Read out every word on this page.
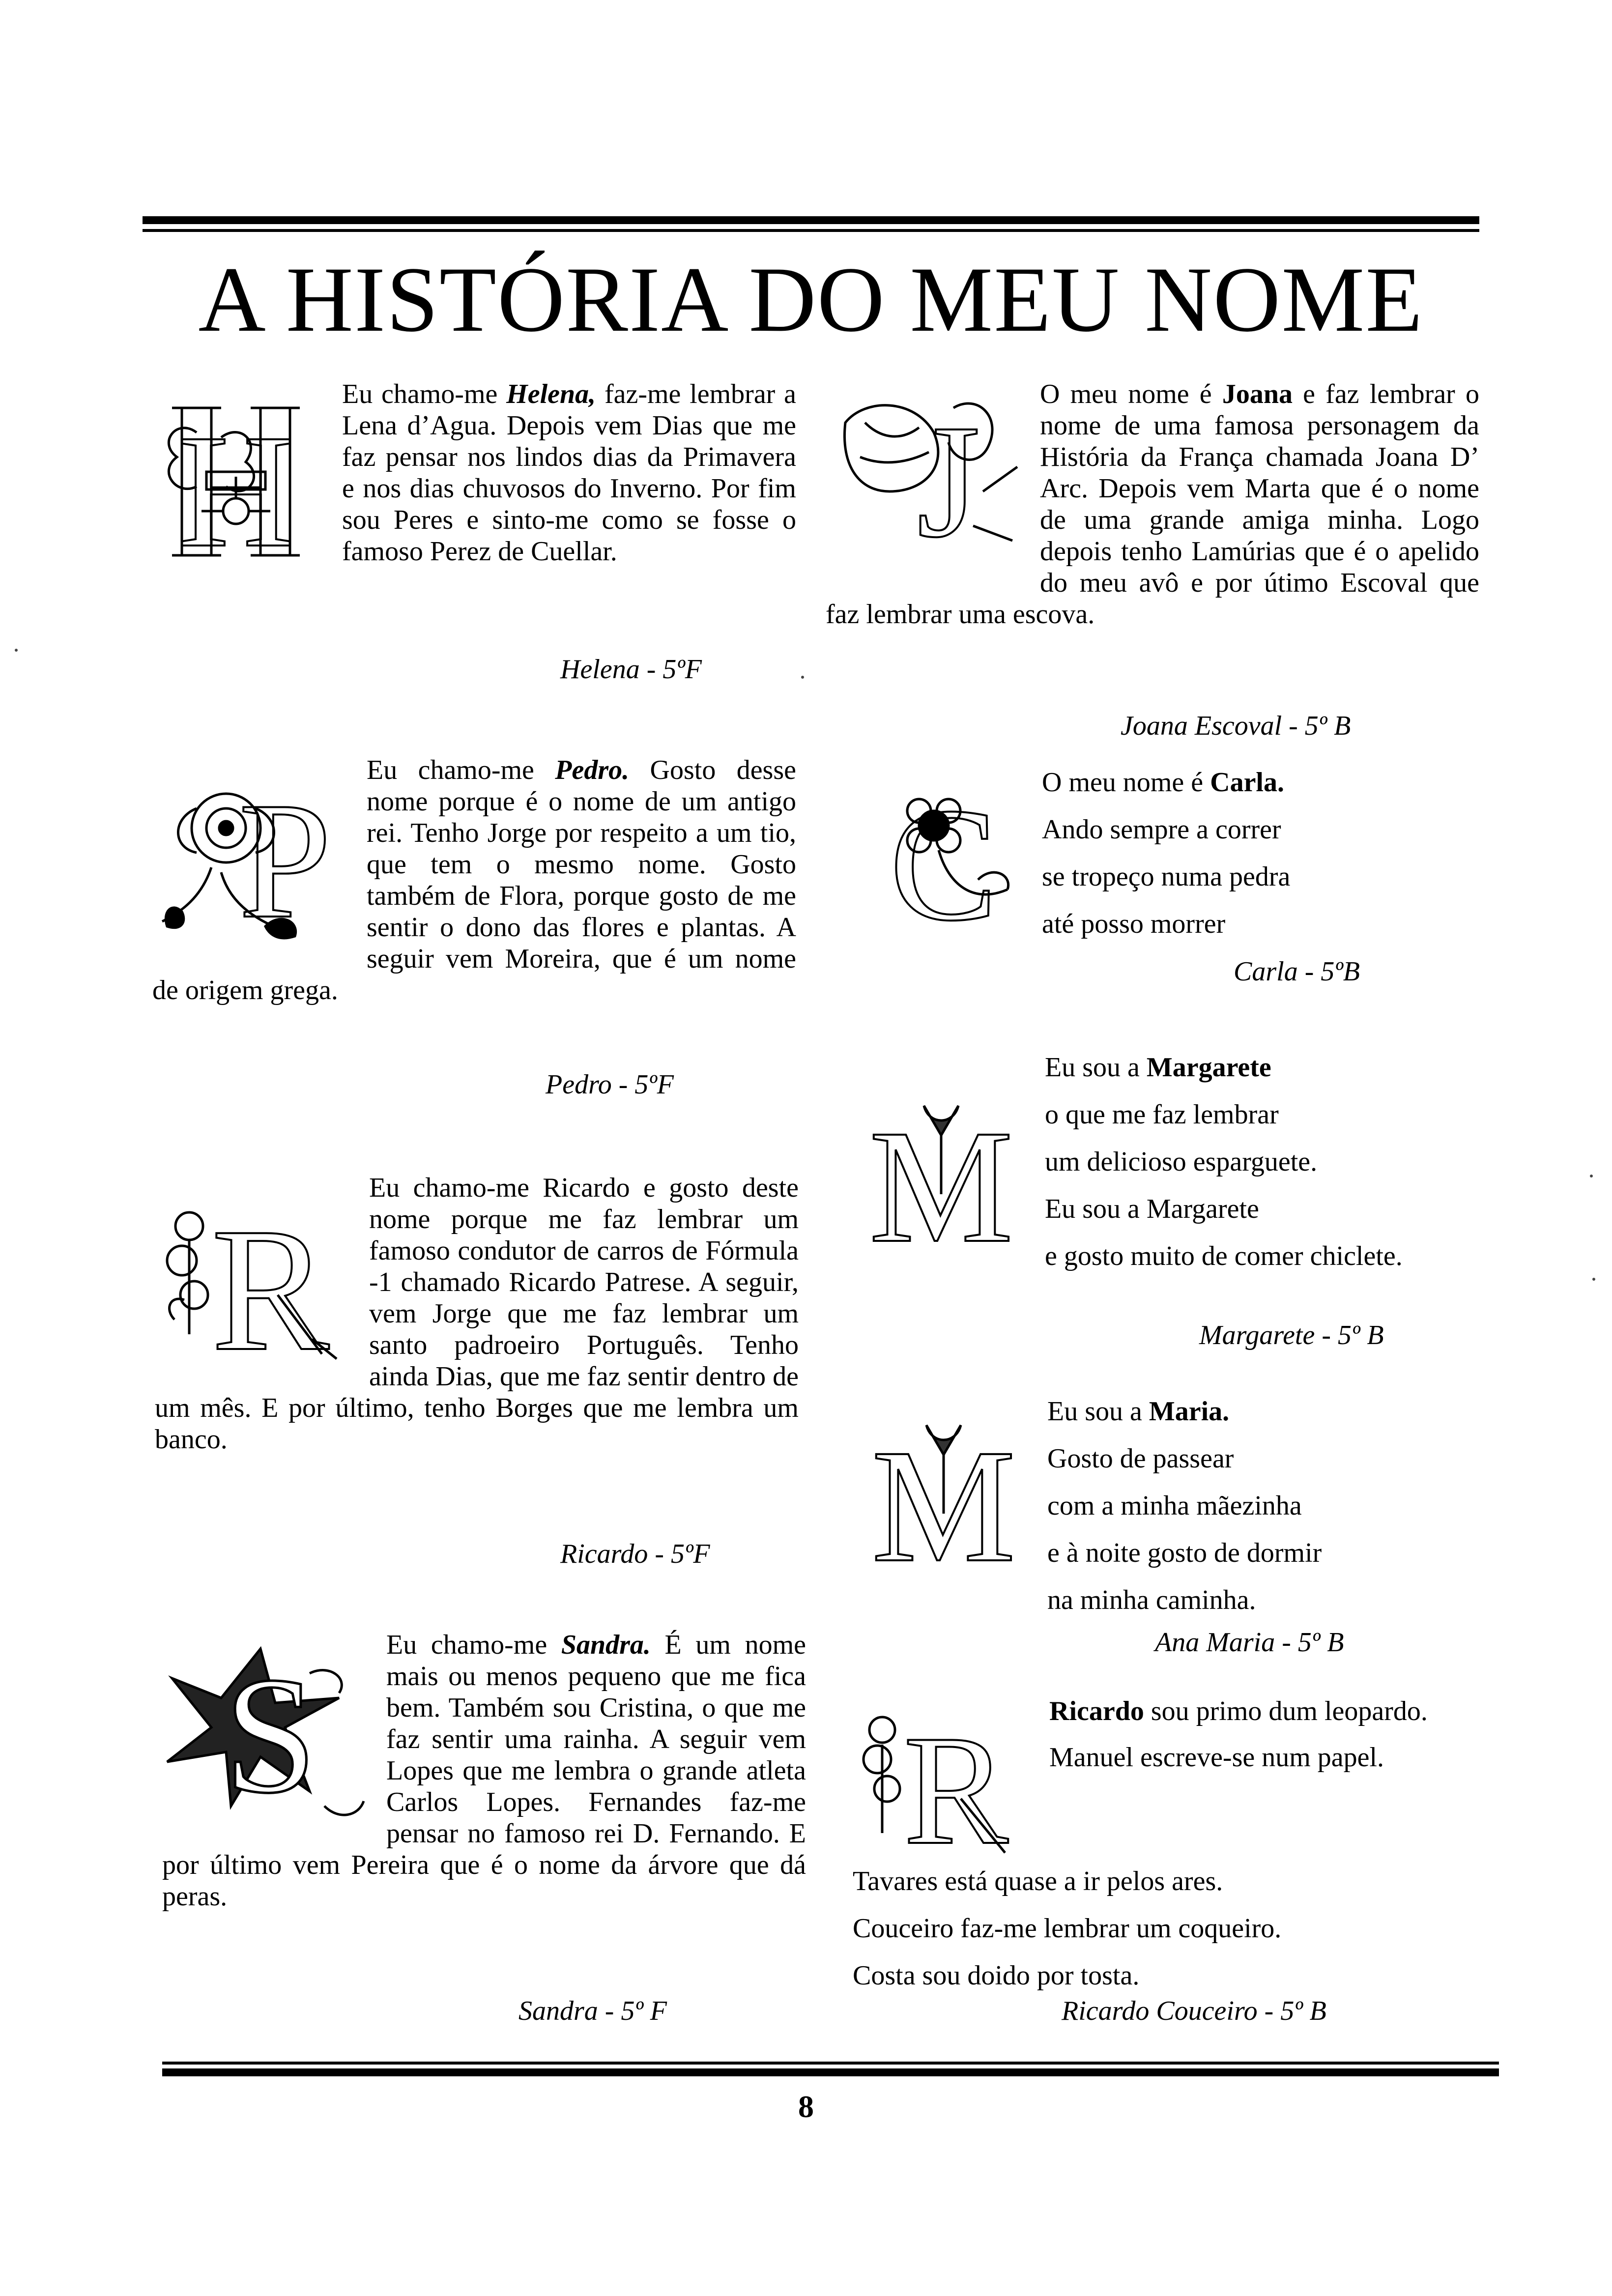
A HISTÓRIA DO MEU NOME
H
Eu chamo-me Helena, faz-me lembrar a Lena d’Agua. Depois vem Dias que me faz pensar nos lindos dias da Primavera e nos dias chuvosos do Inverno. Por fim sou Peres e sinto-me como se fosse o famoso Perez de Cuellar.
Helena - 5ºF
P	Eu chamo-me Pedro. Gosto desse nome porque é o nome de um antigo rei. Tenho Jorge por respeito a um tio, que tem o mesmo nome. Gosto também de Flora, porque gosto de me sentir o dono das flores e plantas. A seguir vem Moreira, que é um nome de origem grega.
Pedro - 5ºF
R
Eu chamo-me Ricardo e gosto deste nome porque me faz lembrar um famoso condutor de carros de Fórmula -1 chamado Ricardo Patrese. A seguir, vem Jorge que me faz lembrar um santo padroeiro Português. Tenho ainda Dias, que me faz sentir dentro de um mês. E por último, tenho Borges que me lembra um banco.
Ricardo - 5ºF
S	Eu chamo-me Sandra. É um nome mais ou menos pequeno que me fica bem. Também sou Cristina, o que me faz sentir uma rainha. A seguir vem Lopes que me lembra o grande atleta Carlos Lopes. Fernandes faz-me pensar no famoso rei D. Fernando. E por último vem Pereira que é o nome da árvore que dá peras.
Sandra - 5º F
J	O meu nome é Joana e faz lembrar o nome de uma famosa personagem da História da França chamada Joana D’ Arc. Depois vem Marta que é o nome de uma grande amiga minha. Logo depois tenho Lamúrias que é o apelido do meu avô e por útimo Escoval que faz lembrar uma escova.
Joana Escoval - 5º B
C O meu nome é Carla.

Ando sempre a correr

se tropeço numa pedra

até posso morrer

Carla - 5ºB
M

Eu sou a Margarete

o que me faz lembrar

um delicioso esparguete.

Eu sou a Margarete

e gosto muito de comer chiclete.

Margarete - 5º B
M

Eu sou a Maria.

Gosto de passear

com a minha mãezinha

e à noite gosto de dormir

na minha caminha.

Ana Maria - 5º B
R	Ricardo sou primo dum leopardo.

Manuel escreve-se num papel.

Tavares está quase a ir pelos ares.

Couceiro faz-me lembrar um coqueiro.

Costa sou doido por tosta.

Ricardo Couceiro - 5º B
8
